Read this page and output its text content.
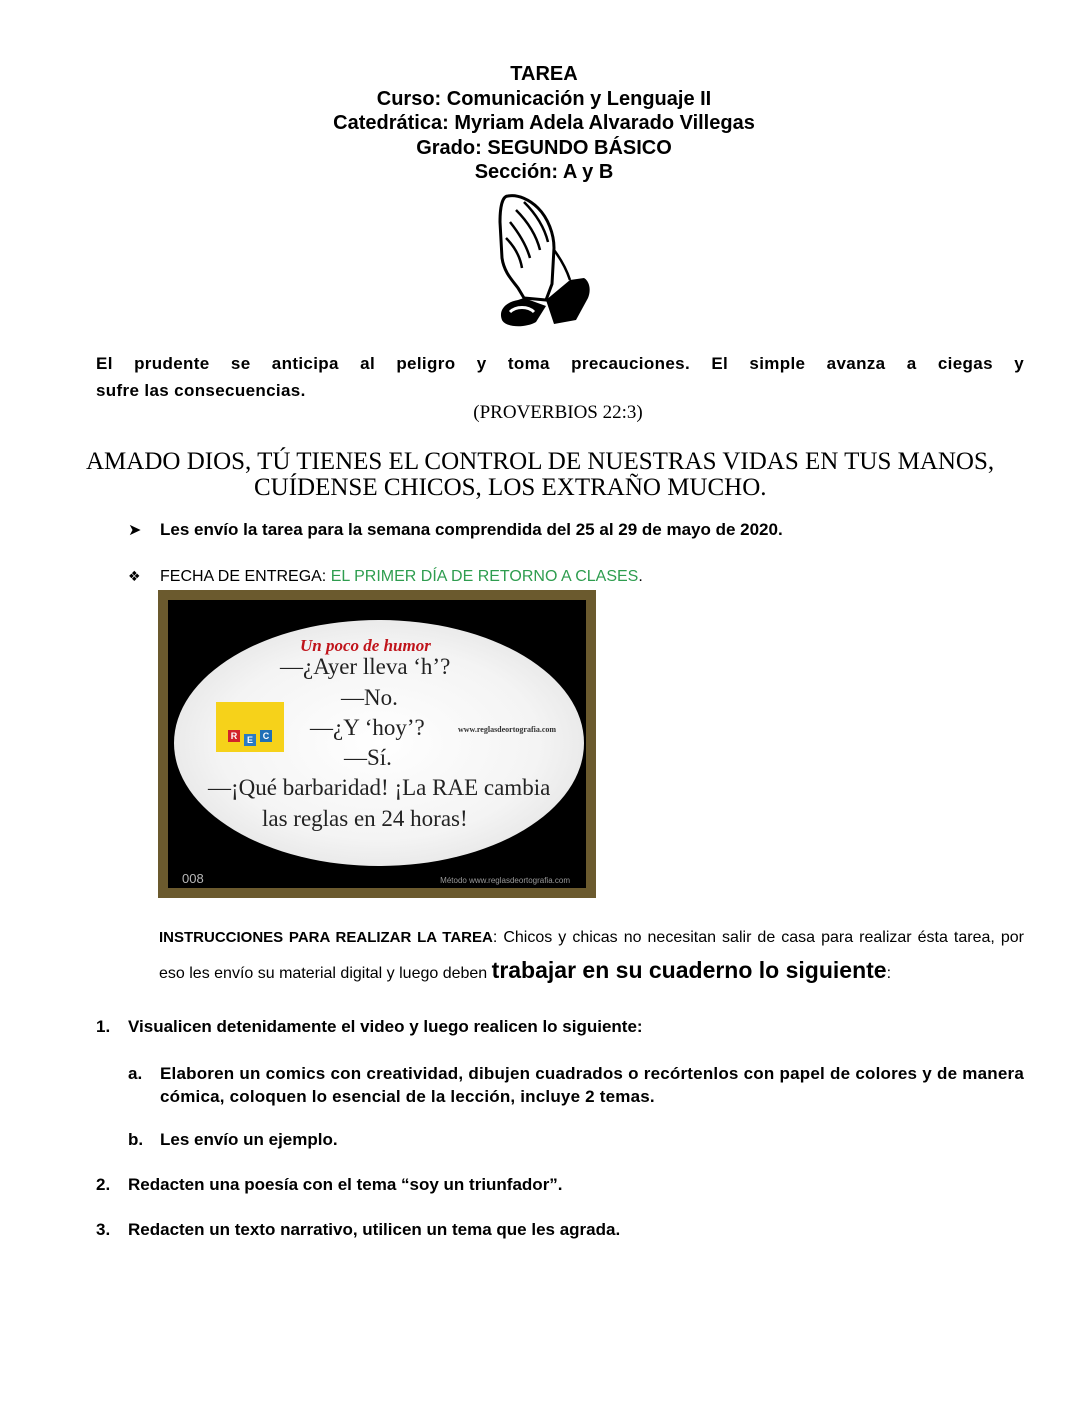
TAREA
Curso: Comunicación y Lenguaje II
Catedrática: Myriam Adela Alvarado Villegas
Grado: SEGUNDO BÁSICO
Sección: A y B
El prudente se anticipa al peligro y toma precauciones. El simple avanza a ciegas y
sufre las consecuencias.
(PROVERBIOS 22:3)
AMADO DIOS, TÚ TIENES EL CONTROL DE NUESTRAS VIDAS EN TUS MANOS,
CUÍDENSE CHICOS, LOS EXTRAÑO MUCHO.
➤ Les envío la tarea para la semana comprendida del 25 al 29 de mayo de 2020.
❖ FECHA DE ENTREGA: EL PRIMER DÍA DE RETORNO A CLASES.
Un poco de humor
—¿Ayer lleva ‘h’?
—No.
—¿Y ‘hoy’?
—Sí.
—¡Qué barbaridad! ¡La RAE cambia
las reglas en 24 horas!
www.reglasdeortografia.com
R	E	C
008	Método www.reglasdeortografia.com
INSTRUCCIONES PARA REALIZAR LA TAREA: Chicos y chicas no necesitan salir de casa para realizar ésta tarea, por eso les envío su material digital y luego deben trabajar en su cuaderno lo siguiente:
1. Visualicen detenidamente el video y luego realicen lo siguiente:
a. Elaboren un comics con creatividad, dibujen cuadrados o recórtenlos con papel de colores y de manera cómica, coloquen lo esencial de la lección, incluye 2 temas.
b. Les envío un ejemplo.
2. Redacten una poesía con el tema “soy un triunfador”.
3. Redacten un texto narrativo, utilicen un tema que les agrada.
